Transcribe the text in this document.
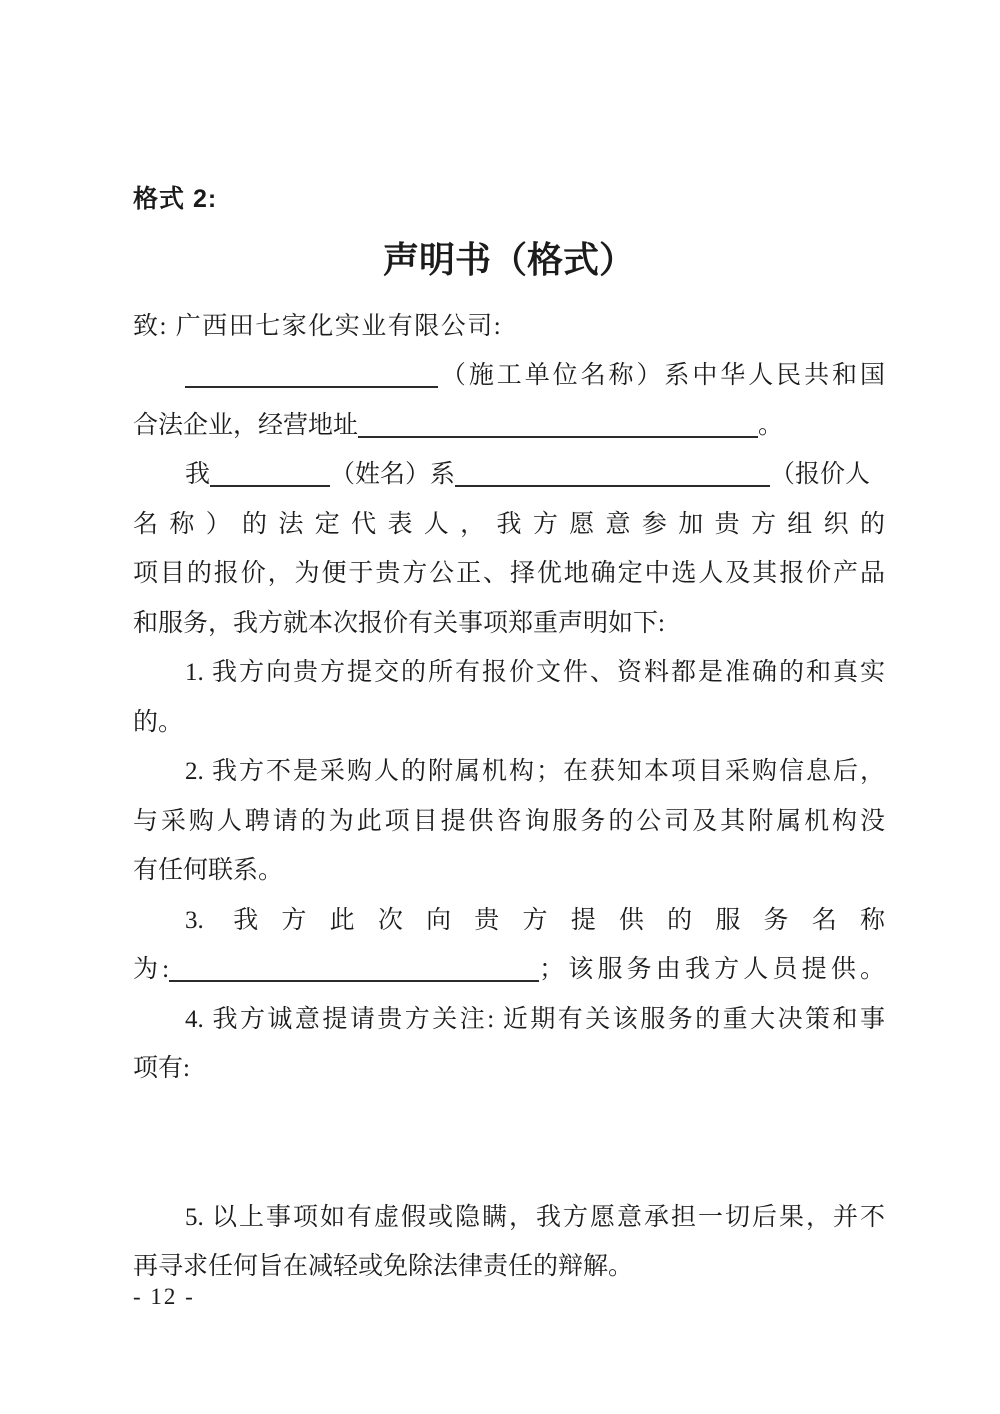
格式 2:
声明书（格式）
致: 广西田七家化实业有限公司:
（施工单位名称）系中华人民共和国
合法企业，经营地址	。
我	（姓名）系	（报价人
名称）的法定代表人，我方愿意参加贵方组织的
项目的报价，为便于贵方公正、择优地确定中选人及其报价产品
和服务，我方就本次报价有关事项郑重声明如下:
1. 我方向贵方提交的所有报价文件、资料都是准确的和真实
的。
2. 我方不是采购人的附属机构；在获知本项目采购信息后，
与采购人聘请的为此项目提供咨询服务的公司及其附属机构没
有任何联系。
3. 我方此次向贵方提供的服务名称
为:	；该服务由我方人员提供。
4. 我方诚意提请贵方关注: 近期有关该服务的重大决策和事
项有:

5. 以上事项如有虚假或隐瞒，我方愿意承担一切后果，并不
再寻求任何旨在减轻或免除法律责任的辩解。
- 12 -
